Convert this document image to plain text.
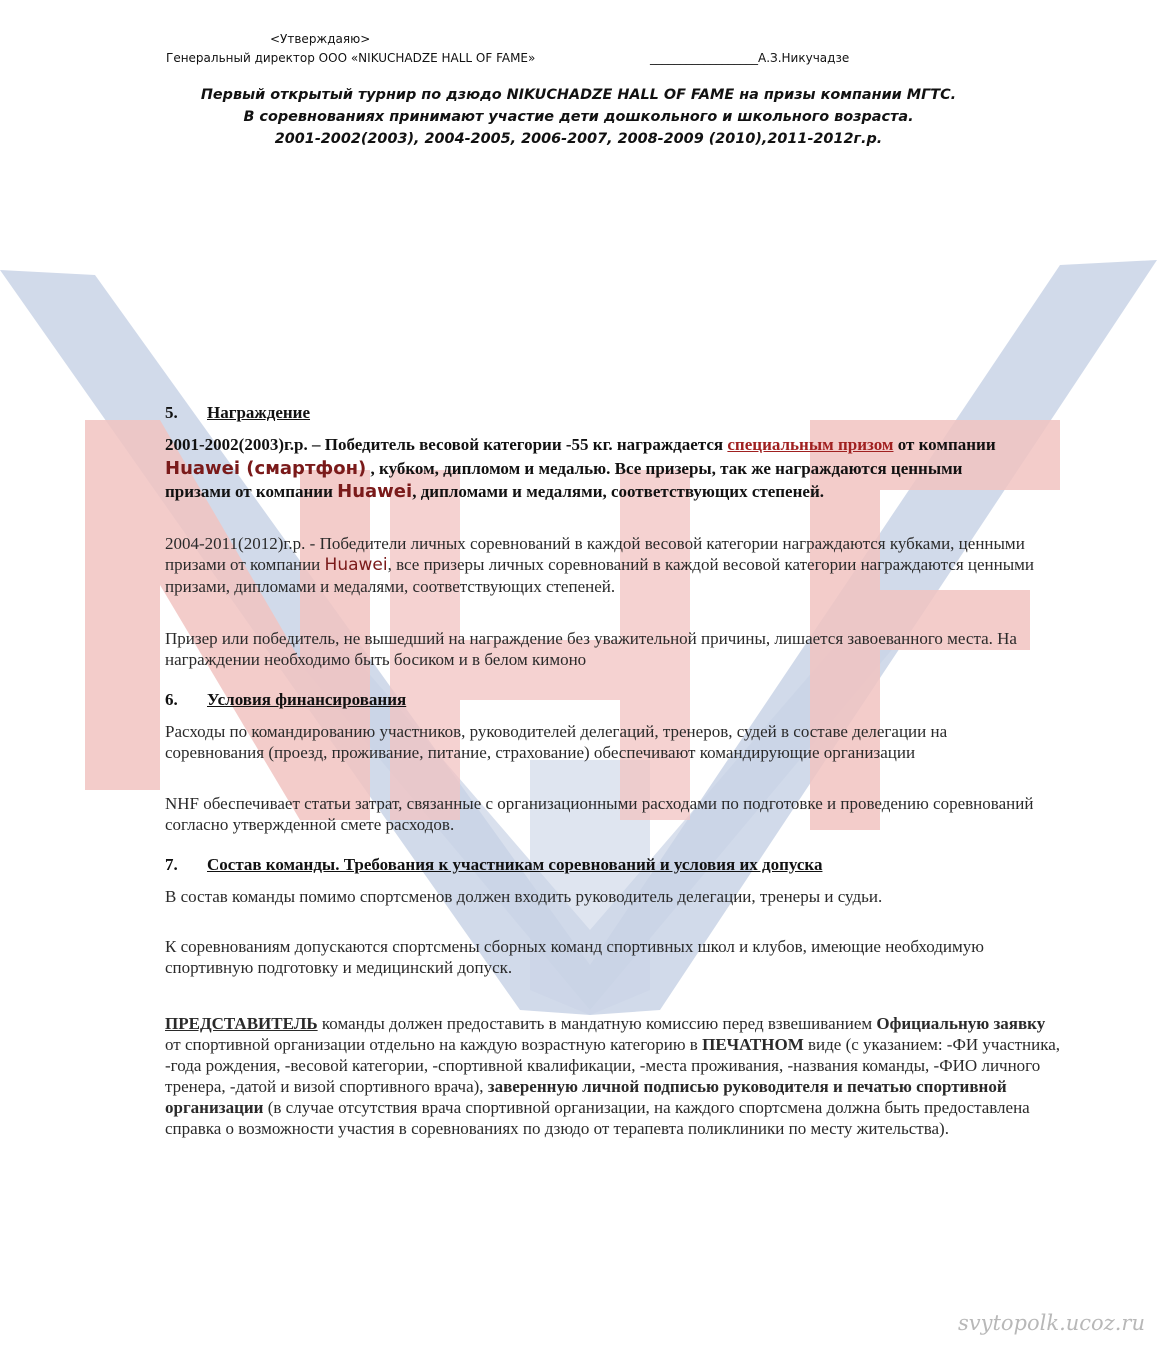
<Утверждаяю>
Генеральный директор ООО «NIKUCHADZE HALL OF FAME»	__________________А.З.Никучадзе
Первый открытый турнир по дзюдо NIKUCHADZE HALL OF FAME на призы компании МГТС.
В соревнованиях принимают участие дети дошкольного и школьного возраста.
2001-2002(2003), 2004-2005, 2006-2007, 2008-2009 (2010),2011-2012г.р.
5. Награждение
2001-2002(2003)г.р. – Победитель весовой категории -55 кг. награждается специальным призом от компании Huawei (смартфон) , кубком, дипломом и медалью. Все призеры, так же награждаются ценными призами от компании Huawei, дипломами и медалями, соответствующих степеней.
2004-2011(2012)г.р. - Победители личных соревнований в каждой весовой категории награждаются кубками, ценными призами от компании Huawei, все призеры личных соревнований в каждой весовой категории награждаются ценными призами, дипломами и медалями, соответствующих степеней.
Призер или победитель, не вышедший на награждение без уважительной причины, лишается завоеванного места. На награждении необходимо быть босиком и в белом кимоно
6. Условия финансирования
Расходы по командированию участников, руководителей делегаций, тренеров, судей в составе делегации на соревнования (проезд, проживание, питание, страхование) обеспечивают командирующие организации
NHF обеспечивает статьи затрат, связанные с организационными расходами по подготовке и проведению соревнований согласно утвержденной смете расходов.
7. Состав команды. Требования к участникам соревнований и условия их допуска
В состав команды помимо спортсменов должен входить руководитель делегации, тренеры и судьи.
К соревнованиям допускаются спортсмены сборных команд спортивных школ и клубов, имеющие необходимую спортивную подготовку и медицинский допуск.
ПРЕДСТАВИТЕЛЬ команды должен предоставить в мандатную комиссию перед взвешиванием Официальную заявку от спортивной организации отдельно на каждую возрастную категорию в ПЕЧАТНОМ виде (с указанием: -ФИ участника, -года рождения, -весовой категории, -спортивной квалификации, -места проживания, -названия команды, -ФИО личного тренера, -датой и визой спортивного врача), заверенную личной подписью руководителя и печатью спортивной организации (в случае отсутствия врача спортивной организации, на каждого спортсмена должна быть предоставлена справка о возможности участия в соревнованиях по дзюдо от терапевта поликлиники по месту жительства).
svytopolk.ucoz.ru
